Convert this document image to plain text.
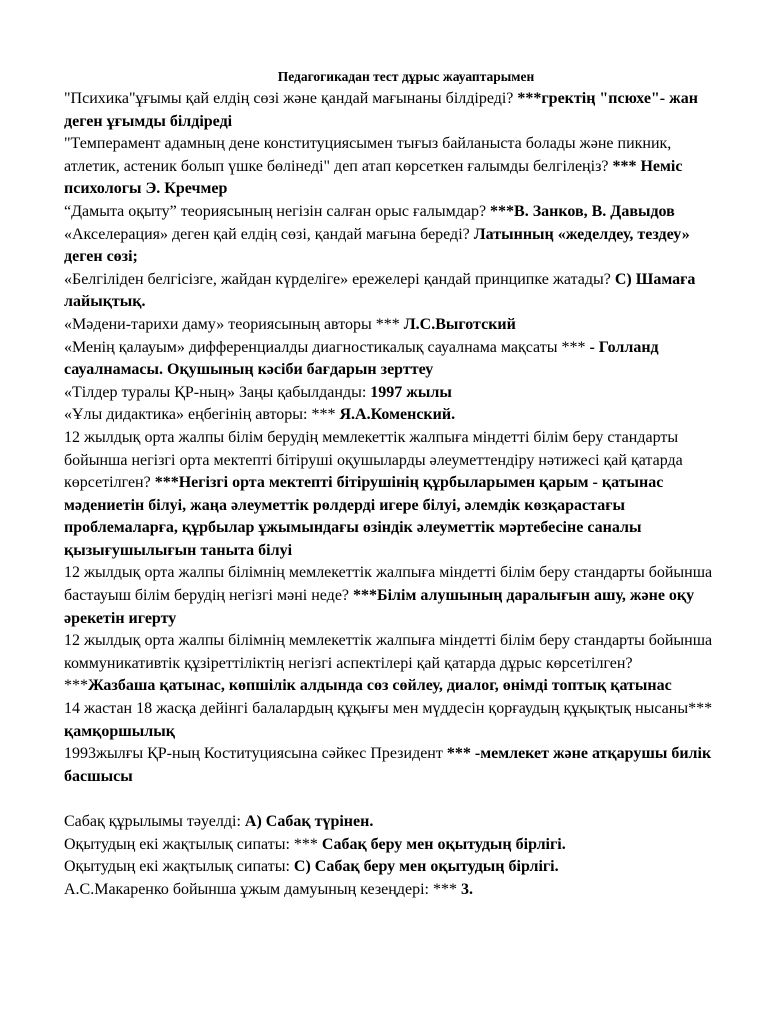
Педагогикадан тест дұрыс жауаптарымен

"Психика"ұғымы қай елдің сөзі және қандай мағынаны білдіреді? ***гректің "псюхе"- жан деген ұғымды білдіреді

"Темперамент адамның дене конституциясымен тығыз байланыста болады және пикник, атлетик, астеник болып үшке бөлінеді" деп атап көрсеткен ғалымды белгілеңіз? *** Неміс психологы Э. Кречмер

“Дамыта оқыту” теориясының негізін салған орыс ғалымдар? ***В. Занков, В. Давыдов

«Акселерация» деген қай елдің сөзі, қандай мағына береді? Латынның «жеделдеу, тездеу» деген сөзі;

«Белгіліден белгісізге, жайдан күрделіге» ережелері қандай принципке жатады? С) Шамаға лайықтық.

«Мәдени-тарихи даму» теориясының авторы *** Л.С.Выготский

«Менің қалауым» дифференциалды диагностикалық сауалнама мақсаты *** - Голланд сауалнамасы. Оқушының кәсіби бағдарын зерттеу

«Тілдер туралы ҚР-ның» Заңы қабылданды: 1997 жылы

«Ұлы дидактика» еңбегінің авторы: *** Я.А.Коменский.

12 жылдық орта жалпы білім берудің мемлекеттік жалпыға міндетті білім беру стандарты бойынша негізгі орта мектепті бітіруші оқушыларды әлеуметтендіру нәтижесі қай қатарда көрсетілген? ***Негізгі орта мектепті бітірушінің құрбыларымен қарым - қатынас мәдениетін білуі, жаңа әлеуметтік рөлдерді игере білуі, әлемдік көзқарастағы проблемаларға, құрбылар ұжымындағы өзіндік әлеуметтік мәртебесіне саналы қызығушылығын таныта білуі

12 жылдық орта жалпы білімнің мемлекеттік жалпыға міндетті білім беру стандарты бойынша бастауыш білім берудің негізгі мәні неде? ***Білім алушының даралығын ашу, және оқу әрекетін игерту

12 жылдық орта жалпы білімнің мемлекеттік жалпыға міндетті білім беру стандарты бойынша коммуникативтік құзіреттіліктің негізгі аспектілері қай қатарда дұрыс көрсетілген? ***Жазбаша қатынас, көпшілік алдында сөз сөйлеу, диалог, өнімді топтық қатынас

14 жастан 18 жасқа дейінгі балалардың құқығы мен мүддесін қорғаудың құқықтық нысаны*** қамқоршылық

1993жылғы ҚР-ның Коституциясына сәйкес Президент *** -мемлекет және атқарушы билік басшысы

Сабақ құрылымы тәуелді: А) Сабақ түрінен.

Оқытудың екі жақтылық сипаты: *** Сабақ беру мен оқытудың бірлігі.

Оқытудың екі жақтылық сипаты: С) Сабақ беру мен оқытудың бірлігі.

А.С.Макаренко бойынша ұжым дамуының кезеңдері: *** 3.
